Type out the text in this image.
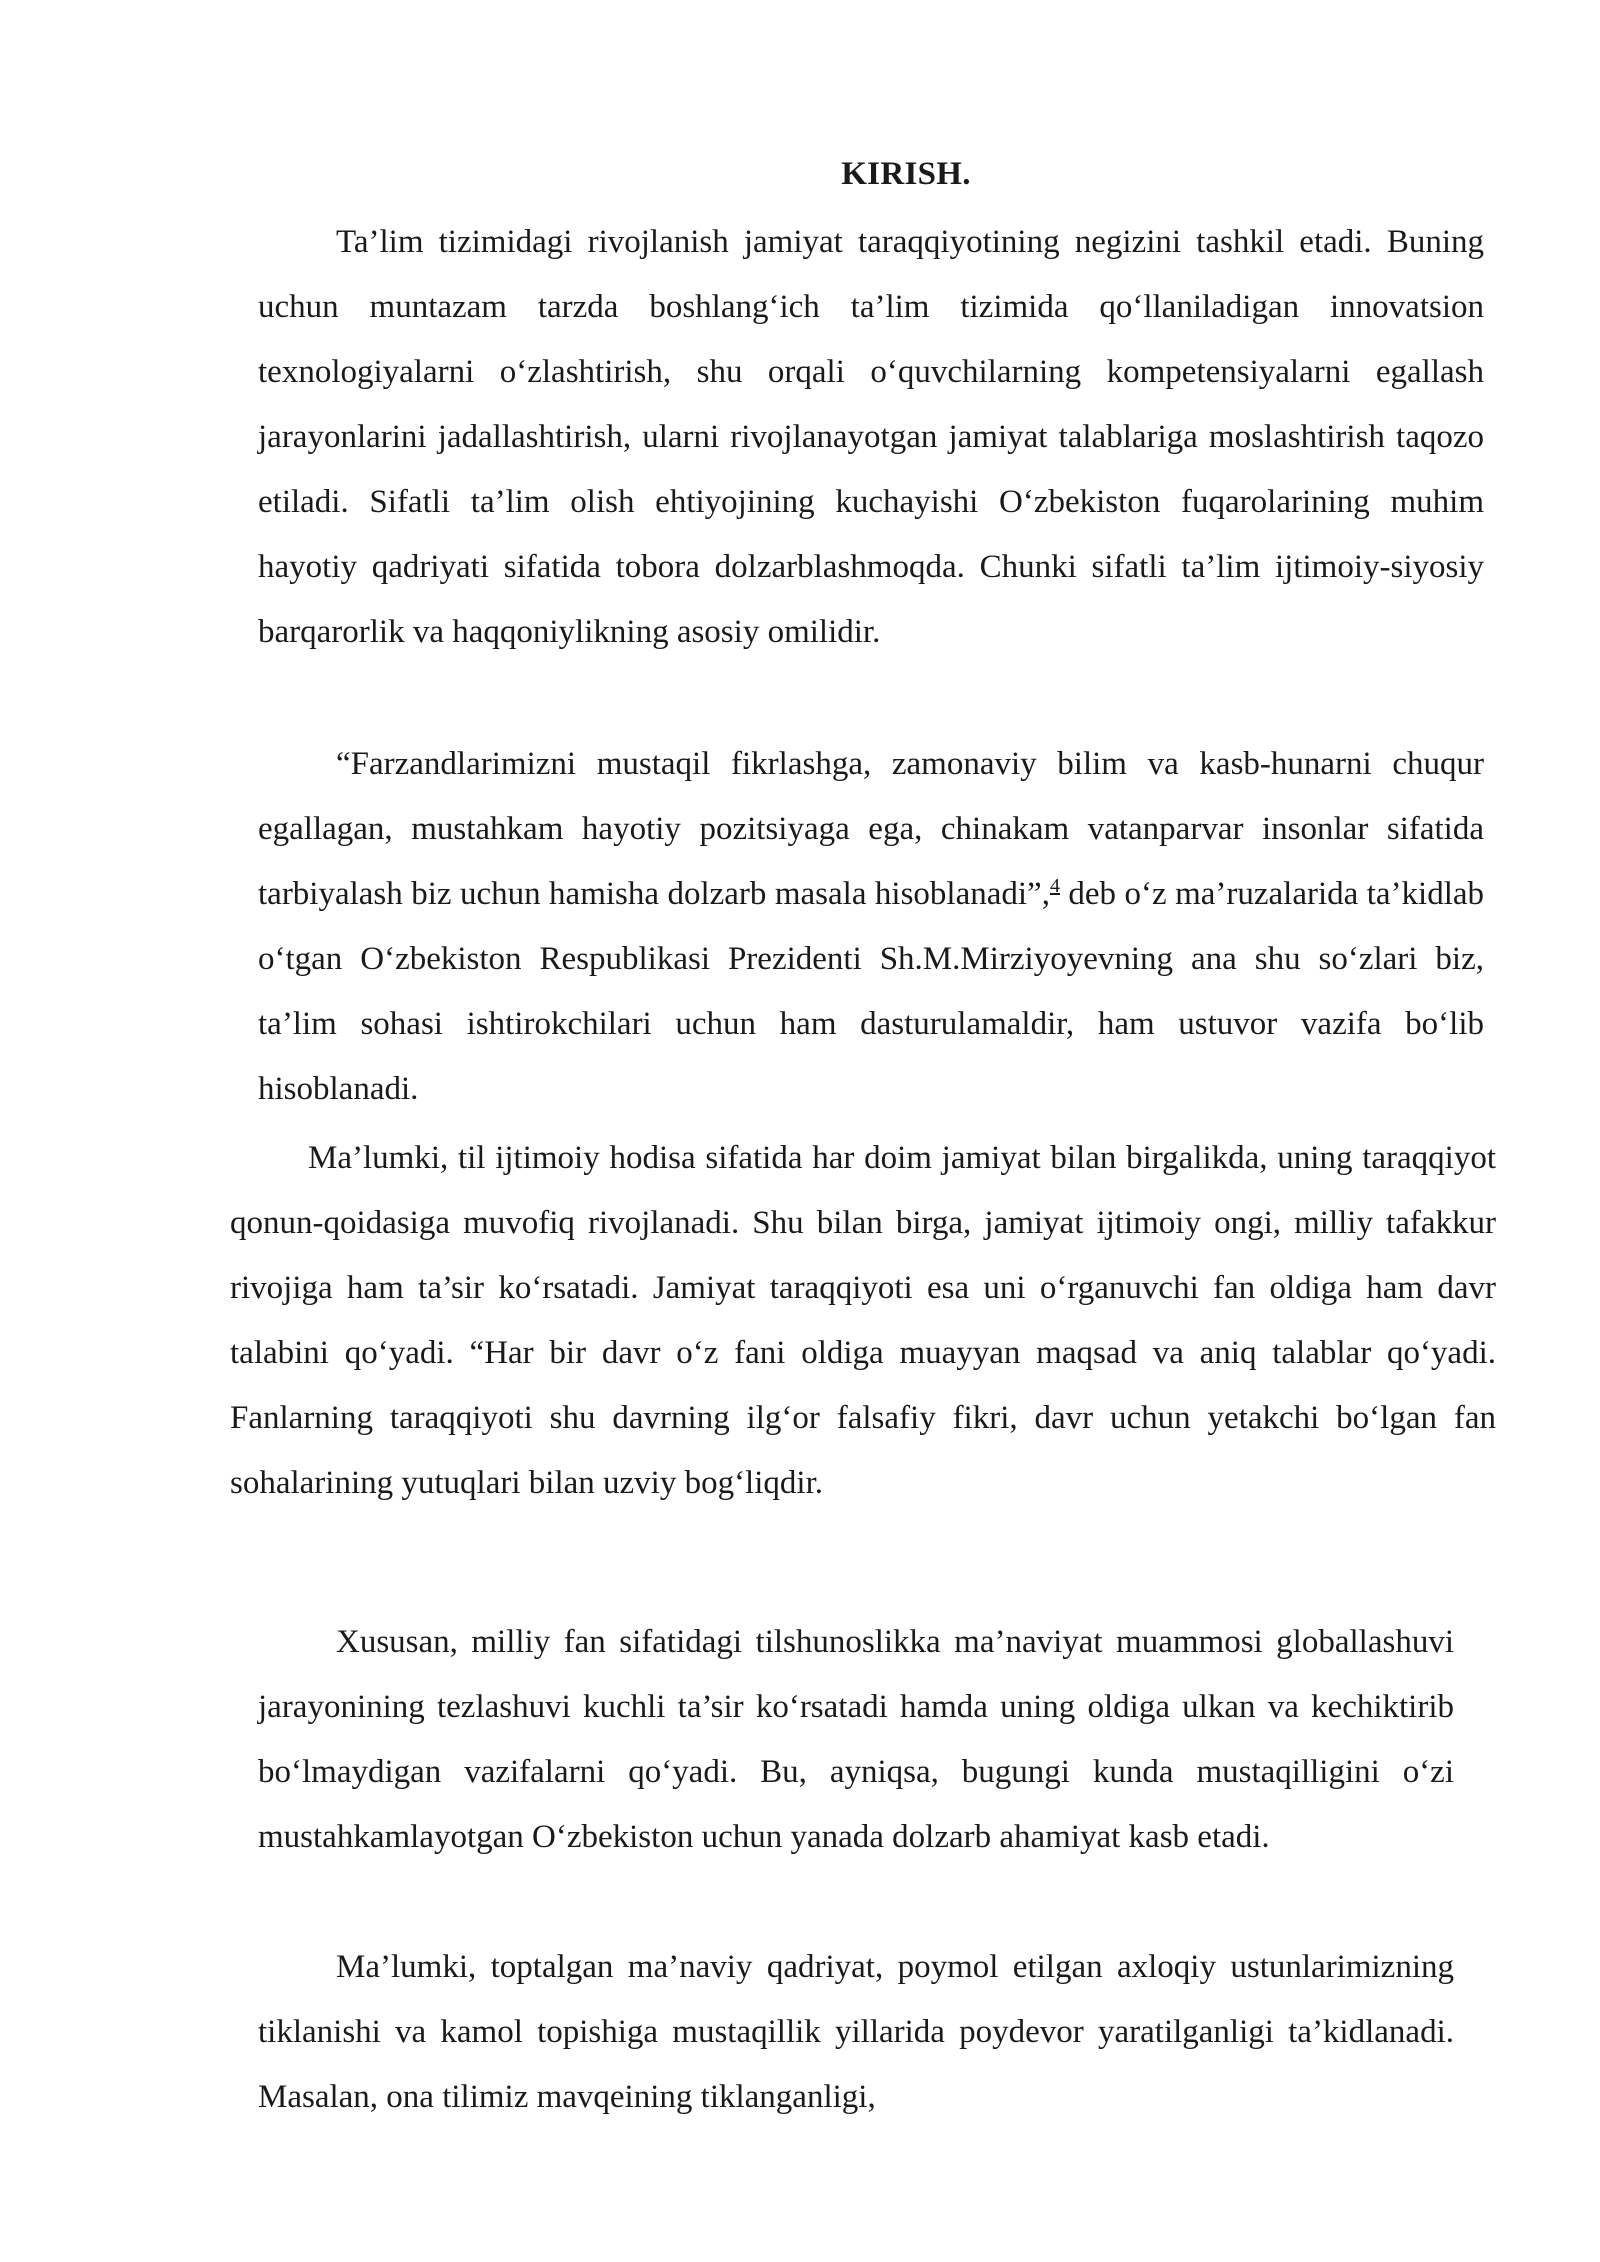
KIRISH.

Ta’lim tizimidagi rivojlanish jamiyat taraqqiyotining negizini tashkil etadi. Buning uchun muntazam tarzda boshlang‘ich ta’lim tizimida qo‘llaniladigan innovatsion texnologiyalarni o‘zlashtirish, shu orqali o‘quvchilarning kompetensiyalarni egallash jarayonlarini jadallashtirish, ularni rivojlanayotgan jamiyat talablariga moslashtirish taqozo etiladi. Sifatli ta’lim olish ehtiyojining kuchayishi O‘zbekiston fuqarolarining muhim hayotiy qadriyati sifatida tobora dolzarblashmoqda. Chunki sifatli ta’lim ijtimoiy-siyosiy barqarorlik va haqqoniylikning asosiy omilidir.

“Farzandlarimizni mustaqil fikrlashga, zamonaviy bilim va kasb-hunarni chuqur egallagan, mustahkam hayotiy pozitsiyaga ega, chinakam vatanparvar insonlar sifatida tarbiyalash biz uchun hamisha dolzarb masala hisoblanadi”,$^4$ deb o‘z ma’ruzalarida ta’kidlab o‘tgan O‘zbekiston Respublikasi Prezidenti Sh.M.Mirziyoyevning ana shu so‘zlari biz, ta’lim sohasi ishtirokchilari uchun ham dasturulamaldir, ham ustuvor vazifa bo‘lib hisoblanadi.

Ma’lumki, til ijtimoiy hodisa sifatida har doim jamiyat bilan birgalikda, uning taraqqiyot qonun-qoidasiga muvofiq rivojlanadi. Shu bilan birga, jamiyat ijtimoiy ongi, milliy tafakkur rivojiga ham ta’sir ko‘rsatadi. Jamiyat taraqqiyoti esa uni o‘rganuvchi fan oldiga ham davr talabini qo‘yadi. “Har bir davr o‘z fani oldiga muayyan maqsad va aniq talablar qo‘yadi. Fanlarning taraqqiyoti shu davrning ilg‘or falsafiy fikri, davr uchun yetakchi bo‘lgan fan sohalarining yutuqlari bilan uzviy bog‘liqdir.

Xususan, milliy fan sifatidagi tilshunoslikka ma’naviyat muammosi globallashuvi jarayonining tezlashuvi kuchli ta’sir ko‘rsatadi hamda uning oldiga ulkan va kechiktirib bo‘lmaydigan vazifalarni qo‘yadi. Bu, ayniqsa, bugungi kunda mustaqilligini o‘zi mustahkamlayotgan O‘zbekiston uchun yanada dolzarb ahamiyat kasb etadi.

Ma’lumki, toptalgan ma’naviy qadriyat, poymol etilgan axloqiy ustunlarimizning tiklanishi va kamol topishiga mustaqillik yillarida poydevor yaratilganligi ta’kidlanadi. Masalan, ona tilimiz mavqeining tiklanganligi,
